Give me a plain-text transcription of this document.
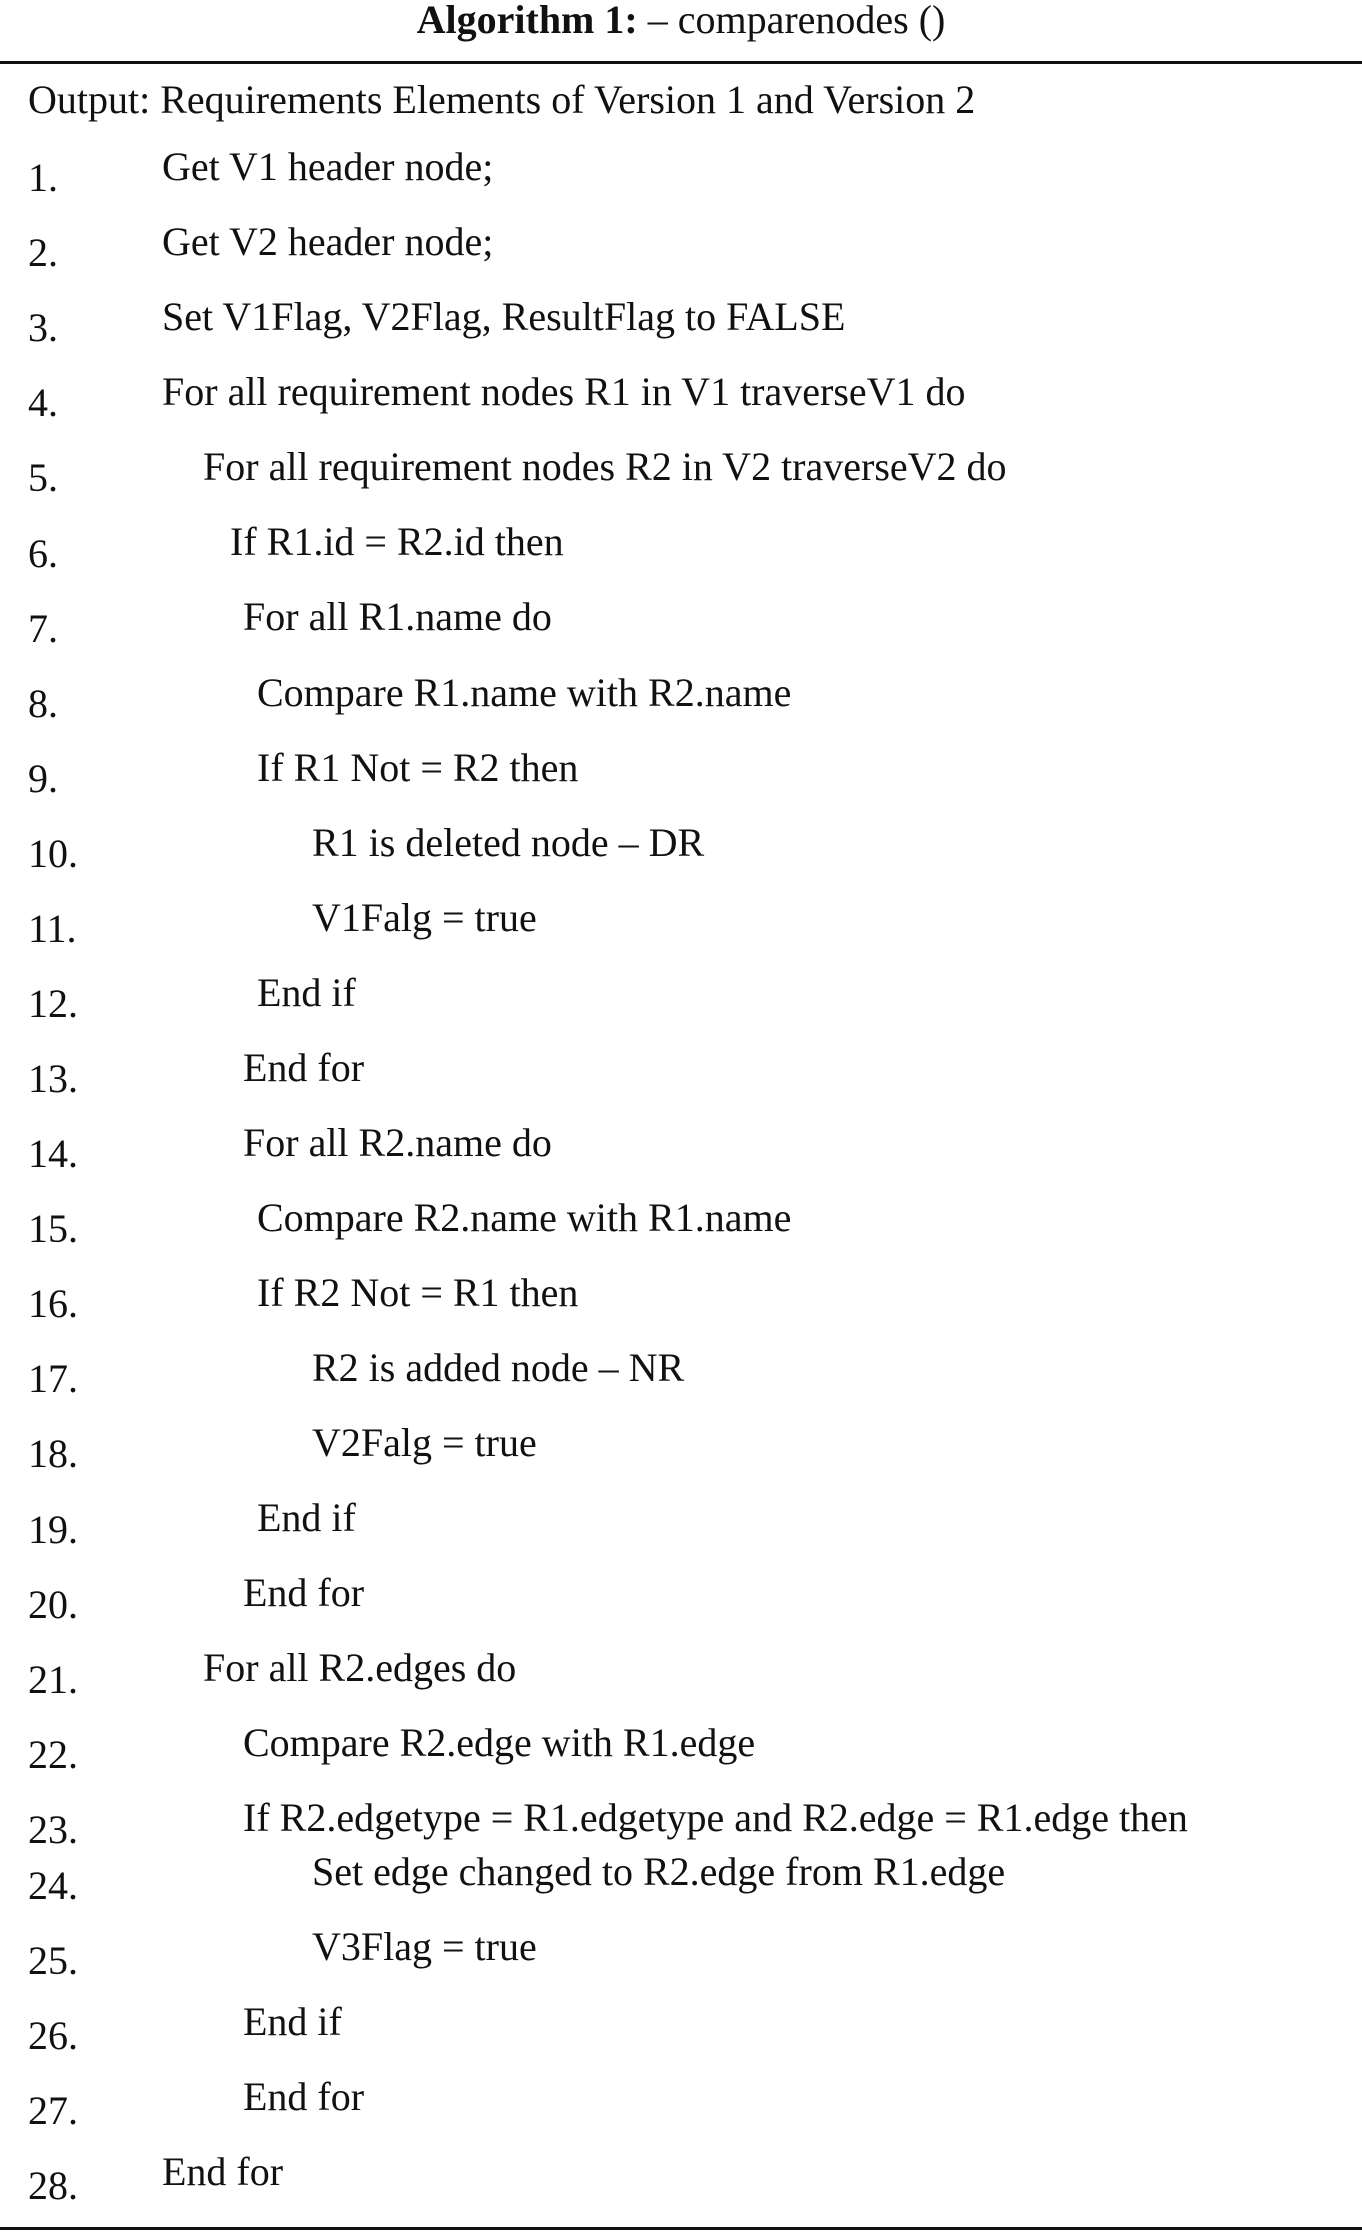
Algorithm 1: – comparenodes ()
Output: Requirements Elements of Version 1 and Version 2
1.	Get V1 header node;
2.	Get V2 header node;
3.	Set V1Flag, V2Flag, ResultFlag to FALSE
4.	For all requirement nodes R1 in V1 traverseV1 do
5.	For all requirement nodes R2 in V2 traverseV2 do
6.	If R1.id = R2.id then
7.	For all R1.name do
8.	Compare R1.name with R2.name
9.	If R1 Not = R2 then
10.	R1 is deleted node – DR
11.	V1Falg = true
12.	End if
13.	End for
14.	For all R2.name do
15.	Compare R2.name with R1.name
16.	If R2 Not = R1 then
17.	R2 is added node – NR
18.	V2Falg = true
19.	End if
20.	End for
21.	For all R2.edges do
22.	Compare R2.edge with R1.edge
23.	If R2.edgetype = R1.edgetype and R2.edge = R1.edge then
24.	Set edge changed to R2.edge from R1.edge
25.	V3Flag = true
26.	End if
27.	End for
28. End for
